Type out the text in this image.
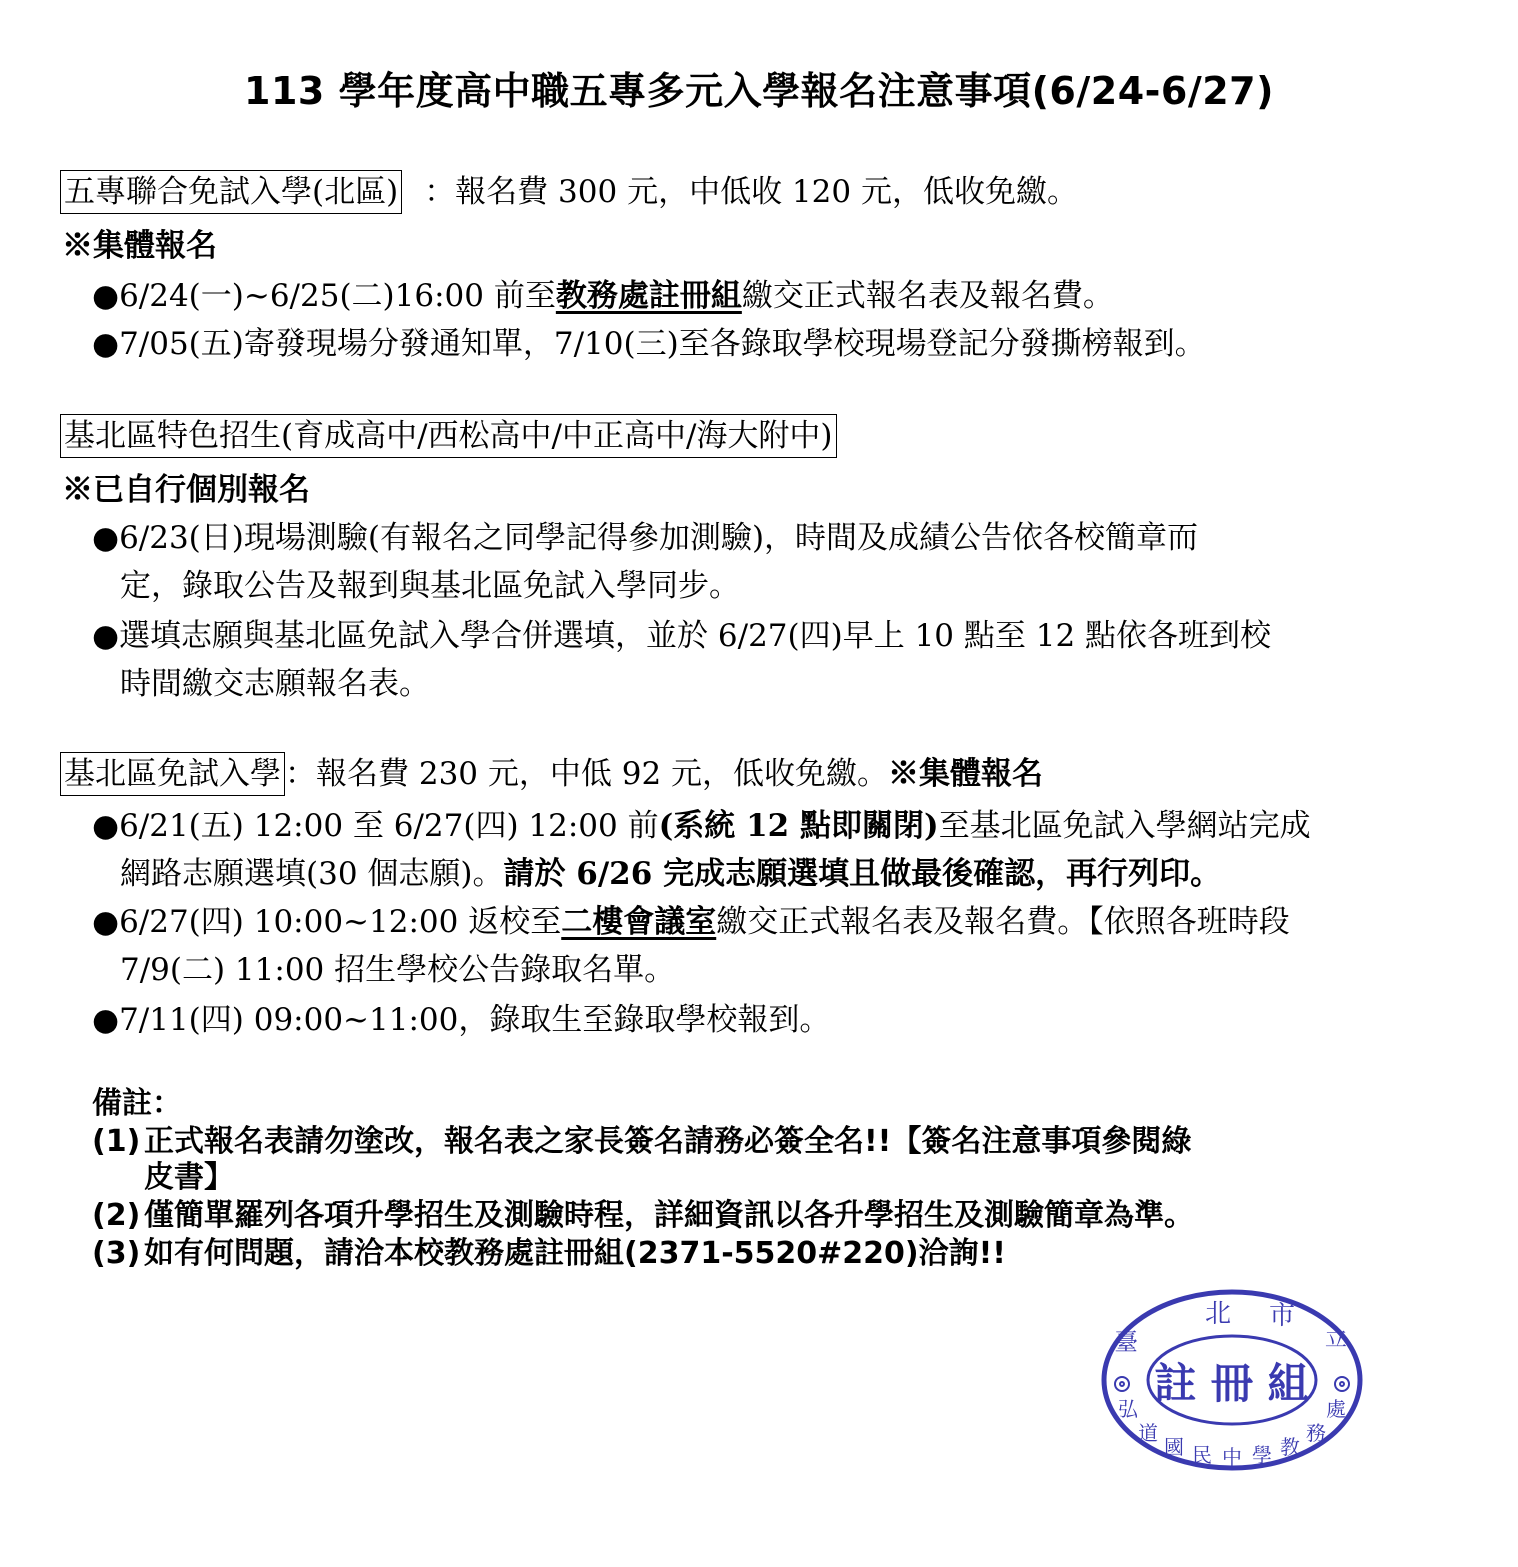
113 學年度高中職五專多元入學報名注意事項(6/24-6/27)
五專聯合免試入學(北區) ：報名費 300 元，中低收 120 元，低收免繳。
※集體報名
●6/24(一)~6/25(二)16:00 前至教務處註冊組繳交正式報名表及報名費。
●7/05(五)寄發現場分發通知單，7/10(三)至各錄取學校現場登記分發撕榜報到。
基北區特色招生(育成高中/西松高中/中正高中/海大附中)
※已自行個別報名
●6/23(日)現場測驗(有報名之同學記得參加測驗)，時間及成績公告依各校簡章而
定，錄取公告及報到與基北區免試入學同步。
●選填志願與基北區免試入學合併選填，並於 6/27(四)早上 10 點至 12 點依各班到校
時間繳交志願報名表。
基北區免試入學 ：報名費 230 元，中低 92 元，低收免繳。※集體報名
●6/21(五) 12:00 至 6/27(四) 12:00 前(系統 12 點即關閉)至基北區免試入學網站完成
網路志願選填(30 個志願)。請於 6/26 完成志願選填且做最後確認，再行列印。
●6/27(四) 10:00~12:00 返校至二樓會議室繳交正式報名表及報名費。【依照各班時段
7/9(二) 11:00 招生學校公告錄取名單。
●7/11(四) 09:00~11:00，錄取生至錄取學校報到。
備註：
(1) 正式報名表請勿塗改，報名表之家長簽名請務必簽全名!!【簽名注意事項參閱綠
皮書】
(2) 僅簡單羅列各項升學招生及測驗時程，詳細資訊以各升學招生及測驗簡章為準。
(3) 如有何問題，請洽本校教務處註冊組(2371-5520#220)洽詢!!
臺
北 市
立
註 冊 組
弘
道
國 民 中 學 教
務
處
